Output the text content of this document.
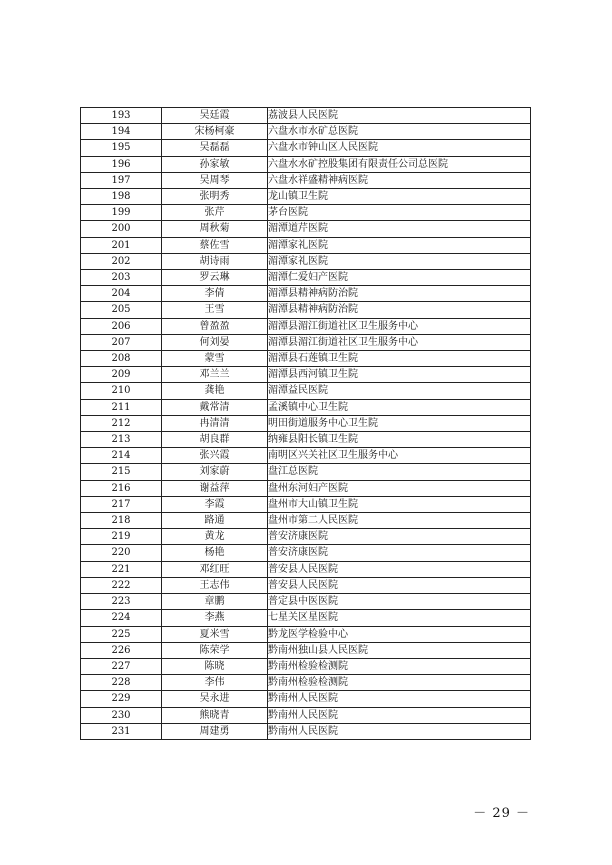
193	吴廷霞	荔波县人民医院
194	宋杨柯豪	六盘水市水矿总医院
195	吴磊磊	六盘水市钟山区人民医院
196	孙家敏	六盘水水矿控股集团有限责任公司总医院
197	吴周琴	六盘水祥盛精神病医院
198	张明秀	龙山镇卫生院
199	张芹	茅台医院
200	周秋菊	湄潭道芹医院
201	蔡佐雪	湄潭家礼医院
202	胡诗雨	湄潭家礼医院
203	罗云琳	湄潭仁爱妇产医院
204	李倩	湄潭县精神病防治院
205	王雪	湄潭县精神病防治院
206	曾盈盈	湄潭县湄江街道社区卫生服务中心
207	何刘晏	湄潭县湄江街道社区卫生服务中心
208	蒙雪	湄潭县石莲镇卫生院
209	邓兰兰	湄潭县西河镇卫生院
210	龚艳	湄潭益民医院
211	戴常清	孟溪镇中心卫生院
212	冉清清	明田街道服务中心卫生院
213	胡良群	纳雍县阳长镇卫生院
214	张兴霞	南明区兴关社区卫生服务中心
215	刘家蔚	盘江总医院
216	谢益萍	盘州东河妇产医院
217	李霞	盘州市大山镇卫生院
218	路通	盘州市第二人民医院
219	黄龙	普安济康医院
220	杨艳	普安济康医院
221	邓红旺	普安县人民医院
222	王志伟	普安县人民医院
223	章鹏	普定县中医医院
224	李燕	七星关区星医院
225	夏米雪	黔龙医学检验中心
226	陈荣学	黔南州独山县人民医院
227	陈晓	黔南州检验检测院
228	李伟	黔南州检验检测院
229	吴永进	黔南州人民医院
230	熊晓青	黔南州人民医院
231	周建勇	黔南州人民医院
－ 29 －
